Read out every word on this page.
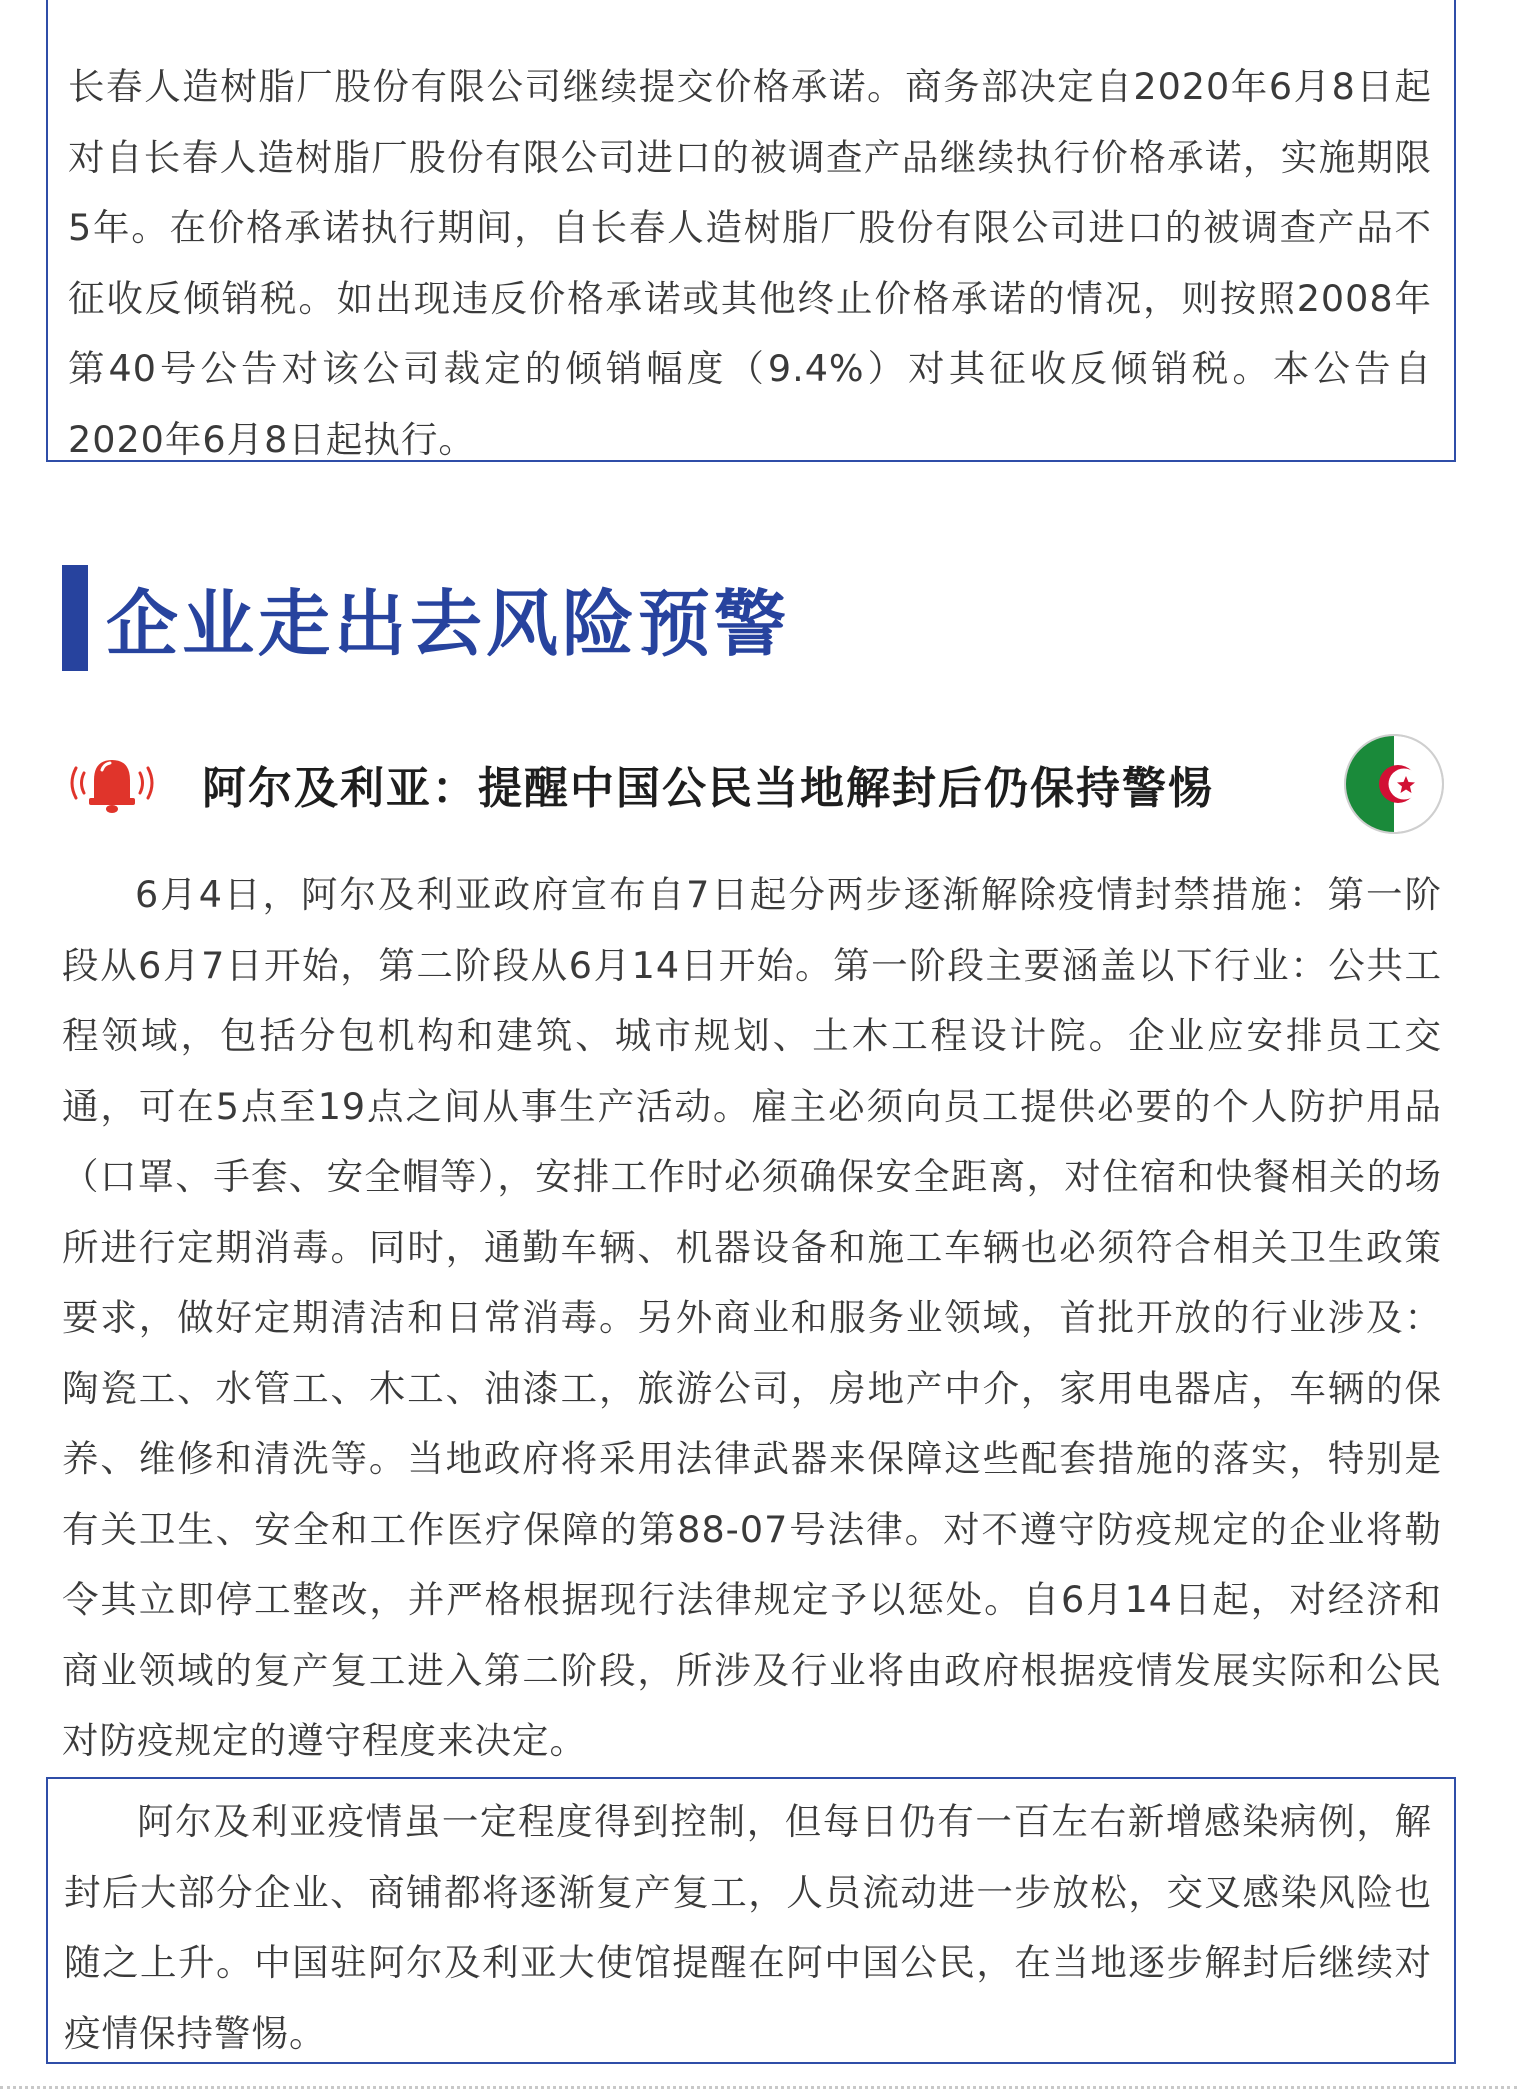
长春人造树脂厂股份有限公司继续提交价格承诺。商务部决定自2020年6月8日起对自长春人造树脂厂股份有限公司进口的被调查产品继续执行价格承诺，实施期限5年。在价格承诺执行期间，自长春人造树脂厂股份有限公司进口的被调查产品不征收反倾销税。如出现违反价格承诺或其他终止价格承诺的情况，则按照2008年第40号公告对该公司裁定的倾销幅度（9.4%）对其征收反倾销税。本公告自2020年6月8日起执行。

企业走出去风险预警
阿尔及利亚：提醒中国公民当地解封后仍保持警惕

6月4日，阿尔及利亚政府宣布自7日起分两步逐渐解除疫情封禁措施：第一阶段从6月7日开始，第二阶段从6月14日开始。第一阶段主要涵盖以下行业：公共工程领域，包括分包机构和建筑、城市规划、土木工程设计院。企业应安排员工交通，可在5点至19点之间从事生产活动。雇主必须向员工提供必要的个人防护用品（口罩、手套、安全帽等），安排工作时必须确保安全距离，对住宿和快餐相关的场所进行定期消毒。同时，通勤车辆、机器设备和施工车辆也必须符合相关卫生政策要求，做好定期清洁和日常消毒。另外商业和服务业领域，首批开放的行业涉及：陶瓷工、水管工、木工、油漆工，旅游公司，房地产中介，家用电器店，车辆的保养、维修和清洗等。当地政府将采用法律武器来保障这些配套措施的落实，特别是有关卫生、安全和工作医疗保障的第88-07号法律。对不遵守防疫规定的企业将勒令其立即停工整改，并严格根据现行法律规定予以惩处。自6月14日起，对经济和商业领域的复产复工进入第二阶段，所涉及行业将由政府根据疫情发展实际和公民对防疫规定的遵守程度来决定。

阿尔及利亚疫情虽一定程度得到控制，但每日仍有一百左右新增感染病例，解封后大部分企业、商铺都将逐渐复产复工，人员流动进一步放松，交叉感染风险也随之上升。中国驻阿尔及利亚大使馆提醒在阿中国公民，在当地逐步解封后继续对疫情保持警惕。
